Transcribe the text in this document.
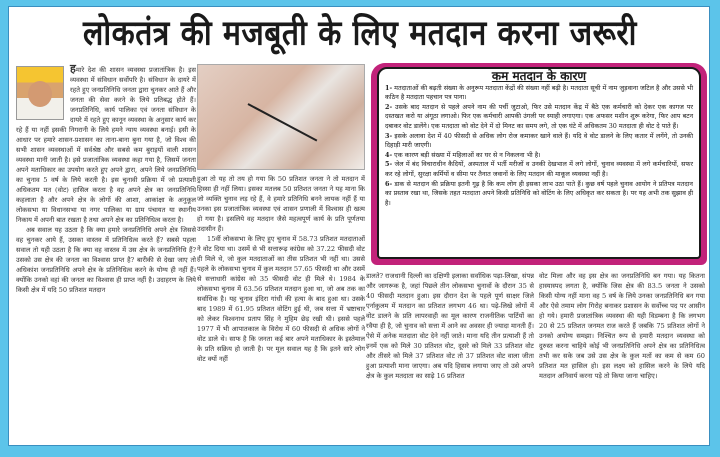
लोकतंत्र की मजबूती के लिए मतदान करना जरूरी

हमारे देश की शासन व्यवस्था प्रजातांत्रिक है। इस व्यवस्था में संविधान सर्वोपरि है। संविधान के दायरे में रहते हुए जनप्रतिनिधि जनता द्वारा चुनकर आते हैं और जनता की सेवा करने के लिये प्रतिबद्ध होते हैं। जनप्रतिनिधि, कार्य पालिका एवं जनता संविधान के दायरे में रहते हुए कानून व्यवस्था के अनुसार कार्य कर रहे हैं या नहीं इसकी निगरानी के लिये हमने न्याय व्यवस्था बनाई। इसी के आधार पर हमारे शासन-प्रशासन का ताना-बाना बुना गया है, जो विश्व की सभी शासन व्यवस्थाओं में सर्वश्रेष्ठ और सबसे कम बुराइयों वाली शासन व्यवस्था मानी जाती है। इसे प्रजातांत्रिक व्यवस्था कहा गया है, जिसमें जनता अपने मताधिकार का उपयोग करते हुए अपने द्वारा, अपने लिये जनप्रतिनिधि का चुनाव 5 वर्ष के लिये करती है। इस चुनावी प्रक्रिया में जो प्रत्याशी अधिकतम मत (वोट) हासिल करता है वह अपने क्षेत्र का जनप्रतिनिधि कहलाता है और अपने क्षेत्र के लोगों की आशा, आकांक्षा के अनुकूल लोकसभा या विधानसभा या नगर पालिका या ग्राम पंचायत या स्थानीय निकाय में अपनी बात रखता है तथा अपने क्षेत्र का प्रतिनिधित्व करता है।

अब सवाल यह उठता है कि क्या हमारे जनप्रतिनिधि अपने क्षेत्र जिससे वह चुनकर आये हैं, उसका वास्तव में प्रतिनिधित्व करते हैं? सबसे पहला सवाल तो यही उठता है कि क्या वह वास्तव में उस क्षेत्र के जनप्रतिनिधि हैं? उसको उस क्षेत्र की जनता का विश्वास प्राप्त है? बारीकी से देखा जाए तो अधिकांश जनप्रतिनिधि अपने क्षेत्र के प्रतिनिधित्व करने के योग्य ही नहीं हैं। क्योंकि उनको वहां की जनता का विश्वास ही प्राप्त नहीं है। उदाहरण के लिये किसी क्षेत्र में यदि 50 प्रतिशत मतदान

हुआ तो यह तो तय हो गया कि 50 प्रतिशत जनता ने तो मतदान में हिस्सा ही नहीं लिया। इसका मतलब 50 प्रतिशत जनता ने यह माना कि जो व्यक्ति चुनाव लड़ रहे हैं, वे हमारे प्रतिनिधि बनने लायक नहीं हैं या उनका इस प्रजातांत्रिक व्यवस्था एवं शासन प्रणाली में विश्वास ही खत्म हो गया है। इसलिये वह मतदान जैसे महत्वपूर्ण कार्य के प्रति पूर्णतया उदासीन हैं।

15वीं लोकसभा के लिए हुए चुनाव में 58.73 प्रतिशत मतदाताओं ने वोट दिया था। उसमें से भी सत्तारूढ़ कांग्रेस को 37.22 फीसदी वोट ही मिले थे, जो कुल मतदाताओं का तीस प्रतिशत भी नहीं था। उससे पहले के लोकसभा चुनाव में कुल मतदान 57.65 फीसदी था और उसमें से सत्ताधारी कांग्रेस को 35 फीसदी वोट ही मिले थे। 1984 के लोकसभा चुनाव में 63.56 प्रतिशत मतदान हुआ था, जो अब तक का सर्वाधिक है। यह चुनाव इंदिरा गांधी की हत्या के बाद हुआ था। उसके बाद 1989 में 61.95 प्रतिशत वोटिंग हुई थी, जब सत्ता में भ्रष्टाचार को लेकर विश्वनाथ प्रताप सिंह ने मुहिम छेड़ रखी थी। इससे पहले 1977 में भी आपातकाल के विरोध में 60 फीसदी से अधिक लोगों ने वोट डाले थे। साफ है कि जनता कई बार अपने मताधिकार के इस्तेमाल के प्रति सक्रिय हो जाती है। पर मूल सवाल यह है कि इतने सारे लोग वोट क्यों नहीं

कम मतदान के कारण

1- मतदाताओं की बढ़ती संख्या के अनुरूप मतदाता केंद्रों की संख्या नहीं बढ़ी है। मतदाता सूची में नाम जुड़वाना जटिल है और उससे भी कठिन है मतदाता पहचान पत्र पाना।

2- उसके बाद मतदान से पहले अपने नाम की पर्ची जुटाओ, फिर उसे मतदान केंद्र में बैठे एक कर्मचारी को देकर एक कागज पर दस्तखत करो या अंगूठा लगाओ। फिर एक कर्मचारी आपकी उंगली पर स्याही लगाएगा। एक अफसर मशीन शुरू करेगा, फिर आप बटन दबाकर वोट डालेंगे। एक मतदाता को वोट देने में दो मिनट का समय लगे, तो एक घंटे में अधिकतम 30 मतदाता ही वोट दे पाते हैं।

3- इसके अलावा देश में 40 फीसदी से अधिक लोग रोज कमाकर खाने वाले हैं। यदि वे वोट डालने के लिए कतार में लगेंगे, तो उनकी दिहाड़ी मारी जाएगी।

4- एक कारण बड़ी संख्या में महिलाओं का घर से न निकलना भी है।

5- जेल में बंद विचाराधीन कैदियों, अस्पताल में भर्ती मरीजों व उनकी देखभाल में लगे लोगों, चुनाव व्यवस्था में लगे कर्मचारियों, सफर कर रहे लोगों, सुरक्षा कर्मियों व सीमा पर तैनात जवानों के लिए मतदान की माकूल व्यवस्था नहीं है।

6- डाक से मतदान की प्रक्रिया इतनी गूढ़ है कि कम लोग ही इसका लाभ उठा पाते हैं। कुछ वर्ष पहले चुनाव आयोग ने प्रतिपत्र मतदान का प्रस्ताव रखा था, जिसके तहत मतदाता अपने किसी प्रतिनिधि को वोटिंग के लिए अधिकृत कर सकता है। पर यह अभी तक सुझाव ही है।

डालते? राजधानी दिल्ली का दक्षिणी इलाका सर्वाधिक पढ़ा-लिखा, संपन्न और जागरूक है, जहां पिछले तीन लोकसभा चुनावों के दौरान 35 से 40 फीसदी मतदान हुआ। इस दौरान देश के पहले पूर्ण साक्षर जिले एर्नाकुलम में मतदान का प्रतिशत लगभग 46 था। पढ़े-लिखे लोगों में वोट डालने के प्रति लापरवाही का मूल कारण राजनीतिक पार्टियों का रवैया ही है, जो चुनाव को सत्ता में आने का अवसर ही ज्यादा मानती हैं। ऐसे में अनेक मतदाता वोट देने नहीं जाते। माना यदि तीन प्रत्याशी हैं तो इनमें एक को मिले 30 प्रतिशत वोट, दूसरे को मिले 33 प्रतिशत वोट और तीसरे को मिले 37 प्रतिशत वोट तो 37 प्रतिशत वोट वाला जीता हुआ प्रत्याशी माना जाएगा। अब यदि हिसाब लगाया जाए तो उसे अपने क्षेत्र के कुल मतदाता का साढ़े 16 प्रतिशत

वोट मिला और वह इस क्षेत्र का जनप्रतिनिधि बन गया। यह कितना हास्यास्पद लगता है, क्योंकि जिस क्षेत्र की 83.5 जनता ने उसको किसी योग्य नहीं माना वह 5 वर्ष के लिये उनका जनप्रतिनिधि बन गया और ऐसे तमाम लोग गिरोह बनाकर प्रशासन के सर्वोच्च पद पर आसीन हो गये। हमारी प्रजातांत्रिक व्यवस्था की यही विडम्बना है कि लगभग 20 से 25 प्रतिशत जनमत राज करते हैं जबकि 75 प्रतिशत लोगों ने उनको अयोग्य समझा। निश्चित रूप से हमारी मतदान व्यवस्था को दुरुस्त करना चाहिये कोई भी जनप्रतिनिधि अपने क्षेत्र का प्रतिनिधित्व तभी कर सके जब उसे उस क्षेत्र के कुल मतों का कम से कम 60 प्रतिशत मत हासिल हो। इस लक्ष्य को हासिल करने के लिये यदि मतदान अनिवार्य करना पड़े तो किया जाना चाहिए।
